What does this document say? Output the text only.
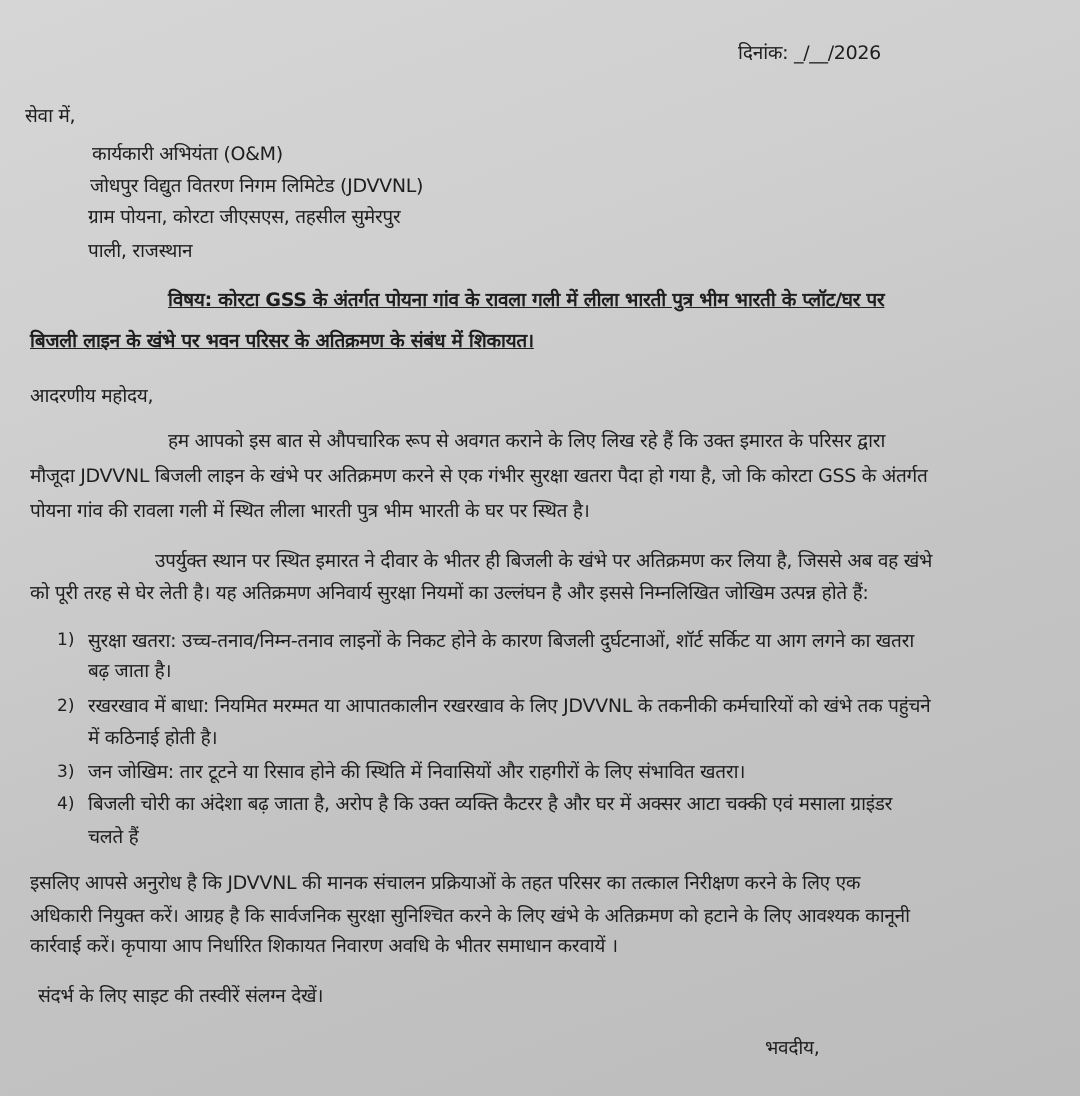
दिनांक: _/__/2026
सेवा में,
कार्यकारी अभियंता (O&M)
जोधपुर विद्युत वितरण निगम लिमिटेड (JDVVNL)
ग्राम पोयना, कोरटा जीएसएस, तहसील सुमेरपुर
पाली, राजस्थान
विषय: कोरटा GSS के अंतर्गत पोयना गांव के रावला गली में लीला भारती पुत्र भीम भारती के प्लॉट/घर पर
बिजली लाइन के खंभे पर भवन परिसर के अतिक्रमण के संबंध में शिकायत।
आदरणीय महोदय,
हम आपको इस बात से औपचारिक रूप से अवगत कराने के लिए लिख रहे हैं कि उक्त इमारत के परिसर द्वारा
मौजूदा JDVVNL बिजली लाइन के खंभे पर अतिक्रमण करने से एक गंभीर सुरक्षा खतरा पैदा हो गया है, जो कि कोरटा GSS के अंतर्गत
पोयना गांव की रावला गली में स्थित लीला भारती पुत्र भीम भारती के घर पर स्थित है।
उपर्युक्त स्थान पर स्थित इमारत ने दीवार के भीतर ही बिजली के खंभे पर अतिक्रमण कर लिया है, जिससे अब वह खंभे
को पूरी तरह से घेर लेती है। यह अतिक्रमण अनिवार्य सुरक्षा नियमों का उल्लंघन है और इससे निम्नलिखित जोखिम उत्पन्न होते हैं:
1) सुरक्षा खतरा: उच्च-तनाव/निम्न-तनाव लाइनों के निकट होने के कारण बिजली दुर्घटनाओं, शॉर्ट सर्किट या आग लगने का खतरा
बढ़ जाता है।
2) रखरखाव में बाधा: नियमित मरम्मत या आपातकालीन रखरखाव के लिए JDVVNL के तकनीकी कर्मचारियों को खंभे तक पहुंचने
में कठिनाई होती है।
3) जन जोखिम: तार टूटने या रिसाव होने की स्थिति में निवासियों और राहगीरों के लिए संभावित खतरा।
4) बिजली चोरी का अंदेशा बढ़ जाता है, अरोप है कि उक्त व्यक्ति कैटरर है और घर में अक्सर आटा चक्की एवं मसाला ग्राइंडर
चलते हैं
इसलिए आपसे अनुरोध है कि JDVVNL की मानक संचालन प्रक्रियाओं के तहत परिसर का तत्काल निरीक्षण करने के लिए एक
अधिकारी नियुक्त करें। आग्रह है कि सार्वजनिक सुरक्षा सुनिश्चित करने के लिए खंभे के अतिक्रमण को हटाने के लिए आवश्यक कानूनी
कार्रवाई करें। कृपाया आप निर्धारित शिकायत निवारण अवधि के भीतर समाधान करवायें ।
संदर्भ के लिए साइट की तस्वीरें संलग्न देखें।
भवदीय,
